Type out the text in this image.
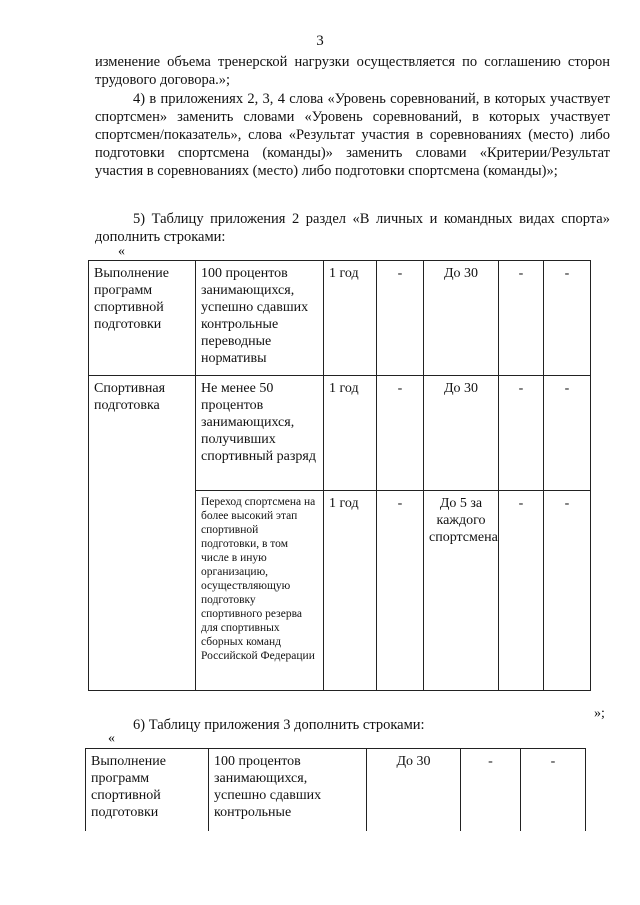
3

изменение объема тренерской нагрузки осуществляется по соглашению сторон трудового договора.»;

4) в приложениях 2, 3, 4 слова «Уровень соревнований, в которых участвует спортсмен» заменить словами «Уровень соревнований, в которых участвует спортсмен/показатель», слова «Результат участия в соревнованиях (место) либо подготовки спортсмена (команды)» заменить словами «Критерии/Результат участия в соревнованиях (место) либо подготовки спортсмена (команды)»;

5) Таблицу приложения 2 раздел «В личных и командных видах спорта» дополнить строками:

«
Выполнение программ спортивной подготовки	100 процентов занимающихся, успешно сдавших контрольные переводные нормативы	1 год	-	До 30	-	-
Спортивная подготовка	Не менее 50 процентов занимающихся, получивших спортивный разряд	1 год	-	До 30	-	-
	Переход спортсмена на более высокий этап спортивной подготовки, в том числе в иную организацию, осуществляющую подготовку спортивного резерва для спортивных сборных команд Российской Федерации	1 год	-	До 5 за каждого спортсмена	-	-
»;

6) Таблицу приложения 3 дополнить строками:

«
Выполнение программ спортивной подготовки	100 процентов занимающихся, успешно сдавших контрольные	До 30	-	-
